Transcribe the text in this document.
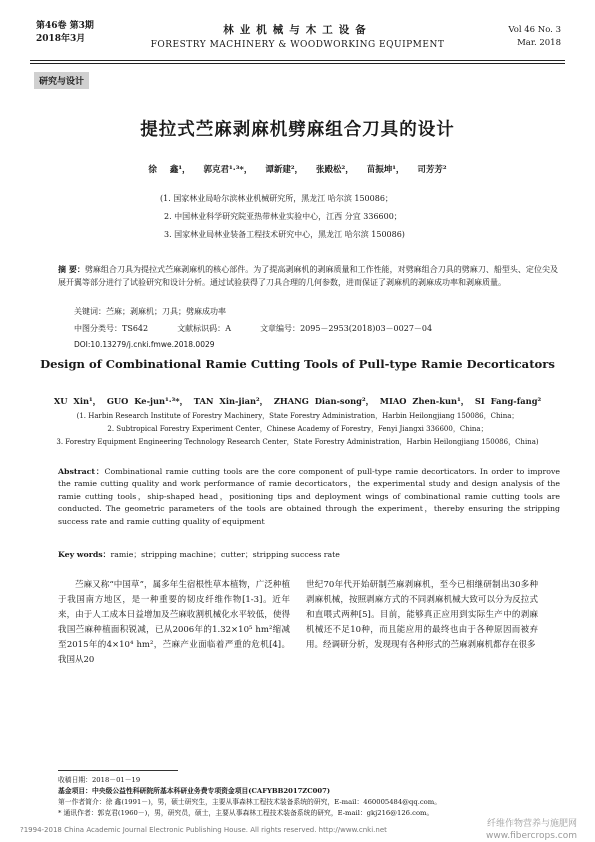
第46卷 第3期
2018年3月
林业机械与木工设备
FORESTRY MACHINERY & WOODWORKING EQUIPMENT
Vol 46 No. 3
Mar. 2018
研究与设计
提拉式苎麻剥麻机劈麻组合刀具的设计
徐 鑫¹， 郭克君¹·³*， 谭新建²， 张殿松²， 苗振坤¹， 司芳芳²
(1. 国家林业局哈尔滨林业机械研究所，黑龙江 哈尔滨 150086；
2. 中国林业科学研究院亚热带林业实验中心，江西 分宜 336600；
3. 国家林业局林业装备工程技术研究中心，黑龙江 哈尔滨 150086)
摘 要：劈麻组合刀具为提拉式苎麻剥麻机的核心部件。为了提高剥麻机的剥麻质量和工作性能，对劈麻组合刀具的劈麻刀、船型头、定位尖及展开翼等部分进行了试验研究和设计分析。通过试验获得了刀具合理的几何参数，进而保证了剥麻机的剥麻成功率和剥麻质量。
关键词：苎麻；剥麻机；刀具；劈麻成功率
中图分类号：TS642	文献标识码：A	文章编号：2095－2953(2018)03－0027－04
DOI:10.13279/j.cnki.fmwe.2018.0029
Design of Combinational Ramie Cutting Tools of Pull-type Ramie Decorticators
XU Xin¹， GUO Ke-jun¹·³*， TAN Xin-jian²， ZHANG Dian-song²， MIAO Zhen-kun¹， SI Fang-fang²
(1. Harbin Research Institute of Forestry Machinery，State Forestry Administration，Harbin Heilongjiang 150086，China；
2. Subtropical Forestry Experiment Center，Chinese Academy of Forestry，Fenyi Jiangxi 336600，China；
3. Forestry Equipment Engineering Technology Research Center，State Forestry Administration，Harbin Heilongjiang 150086，China)
Abstract：Combinational ramie cutting tools are the core component of pull-type ramie decorticators. In order to improve the ramie cutting quality and work performance of ramie decorticators，the experimental study and design analysis of the ramie cutting tools，ship-shaped head，positioning tips and deployment wings of combinational ramie cutting tools are conducted. The geometric parameters of the tools are obtained through the experiment，thereby ensuring the stripping success rate and ramie cutting quality of equipment
Key words：ramie；stripping machine；cutter；stripping success rate
苎麻又称“中国草”，属多年生宿根性草本植物，广泛种植于我国南方地区，是一种重要的韧皮纤维作物[1-3]。近年来，由于人工成本日益增加及苎麻收割机械化水平较低，使得我国苎麻种植面积锐减，已从2006年的1.32×10⁵ hm²缩减至2015年的4×10⁴ hm²，苎麻产业面临着严重的危机[4]。我国从20
世纪70年代开始研制苎麻剥麻机，至今已相继研制出30多种剥麻机械，按照剥麻方式的不同剥麻机械大致可以分为反拉式和直喂式两种[5]。目前，能够真正应用到实际生产中的剥麻机械还不足10种，而且能应用的最终也由于各种原因而被弃用。经调研分析，发现现有各种形式的苎麻剥麻机都存在很多
收稿日期：2018－01－19
基金项目：中央级公益性科研院所基本科研业务费专项资金项目(CAFYBB2017ZC007)
第一作者简介：徐 鑫(1991－)，男，硕士研究生，主要从事森林工程技术装备系统的研究，E-mail：460005484@qq.com。
* 通讯作者：郭克君(1960－)，男，研究员，硕士，主要从事森林工程技术装备系统的研究，E-mail：gkj216@126.com。
?1994-2018 China Academic Journal Electronic Publishing House. All rights reserved. http://www.cnki.net
纤维作物营养与施肥网
www.fibercrops.com
